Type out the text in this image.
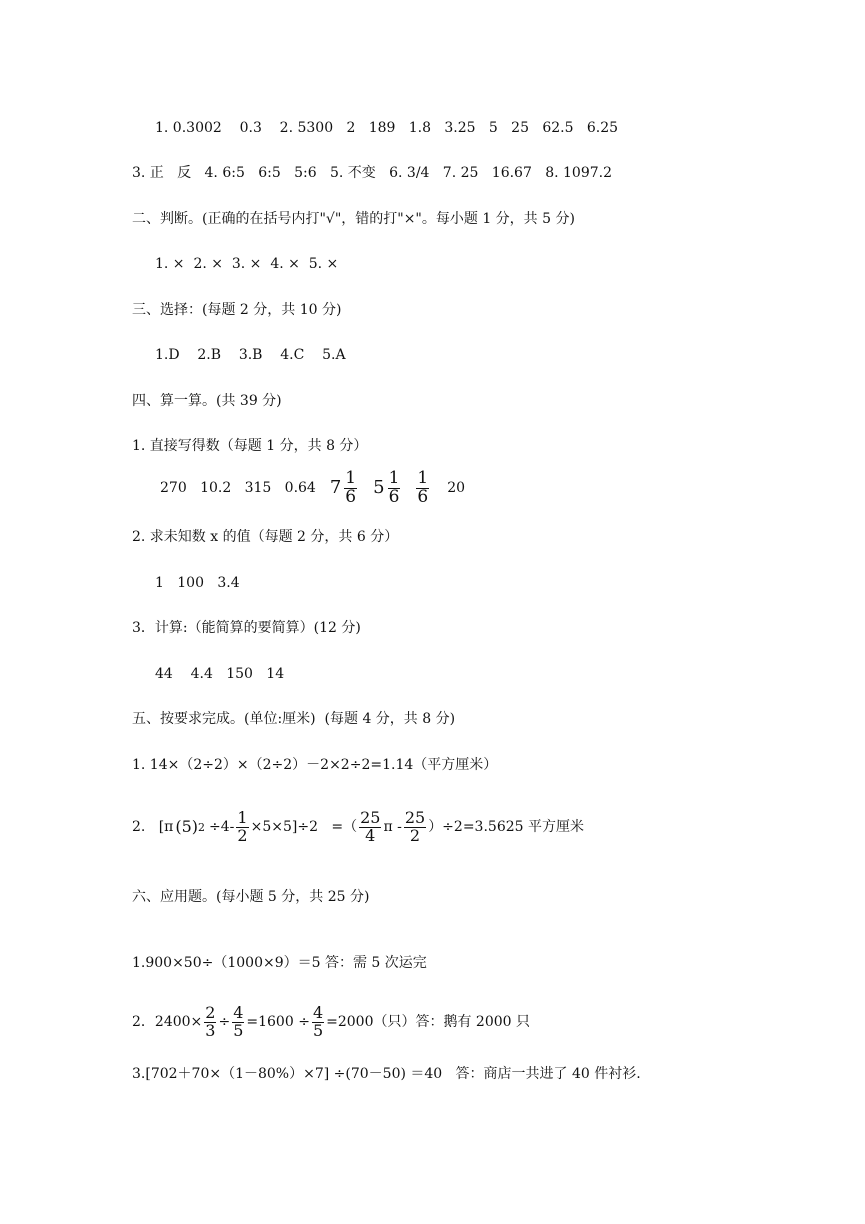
1. 0.3002    0.3    2. 5300   2   189   1.8   3.25   5   25   62.5   6.25
3. 正   反   4. 6:5   6:5   5:6   5. 不变   6. 3/4   7. 25   16.67   8. 1097.2
二、判断。(正确的在括号内打"√"，错的打"×"。每小题 1 分，共 5 分)
1. ×  2. ×  3. ×  4. ×  5. ×
三、选择：(每题 2 分，共 10 分)
1.D    2.B    3.B    4.C    5.A
四、算一算。(共 39 分)
1. 直接写得数（每题 1 分，共 8 分）
270   10.2   315   0.64 $7 \frac{1}{6} 5 \frac{1}{6} \frac{1}{6} 20$
2. 求未知数 x 的值（每题 2 分，共 6 分）
1   100   3.4
3．计算:（能简算的要简算）(12 分)
44    4.4   150   14
五、按要求完成。(单位:厘米)  (每题 4 分，共 8 分)
1. 14×（2÷2）×（2÷2）－2×2÷2=1.14（平方厘米）
2.   [π (5) $2 \div 4- \frac{1}{2} \times 5\times 5]\div 2$   =（ $\frac{25}{4}$ $\pi - \frac{25}{2} )\div 2=3.5625$ 平方厘米
六、应用题。(每小题 5 分，共 25 分)
1.900×50÷（1000×9）＝5 答：需 5 次运完
2．$2400\times \frac{2}{3} \div \frac{4}{5} =1600 \div \frac{4}{5} =2000$（只）答：鹅有 2000 只
3.[702＋70×（1－80%）×7] ÷(70－50) ＝40   答：商店一共进了 40 件衬衫.
